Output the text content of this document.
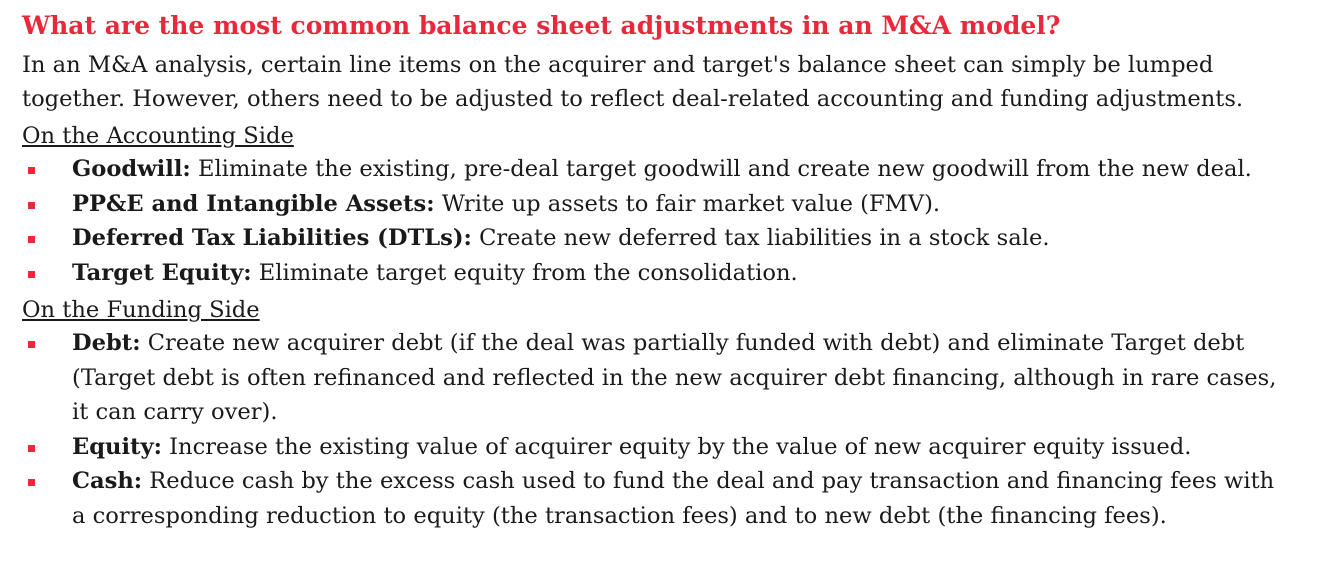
What are the most common balance sheet adjustments in an M&A model?

In an M&A analysis, certain line items on the acquirer and target's balance sheet can simply be lumped together. However, others need to be adjusted to reflect deal-related accounting and funding adjustments.

On the Accounting Side
Goodwill: Eliminate the existing, pre-deal target goodwill and create new goodwill from the new deal.
PP&E and Intangible Assets: Write up assets to fair market value (FMV).
Deferred Tax Liabilities (DTLs): Create new deferred tax liabilities in a stock sale.
Target Equity: Eliminate target equity from the consolidation.
On the Funding Side
Debt: Create new acquirer debt (if the deal was partially funded with debt) and eliminate Target debt (Target debt is often refinanced and reflected in the new acquirer debt financing, although in rare cases, it can carry over).
Equity: Increase the existing value of acquirer equity by the value of new acquirer equity issued.
Cash: Reduce cash by the excess cash used to fund the deal and pay transaction and financing fees with a corresponding reduction to equity (the transaction fees) and to new debt (the financing fees).
